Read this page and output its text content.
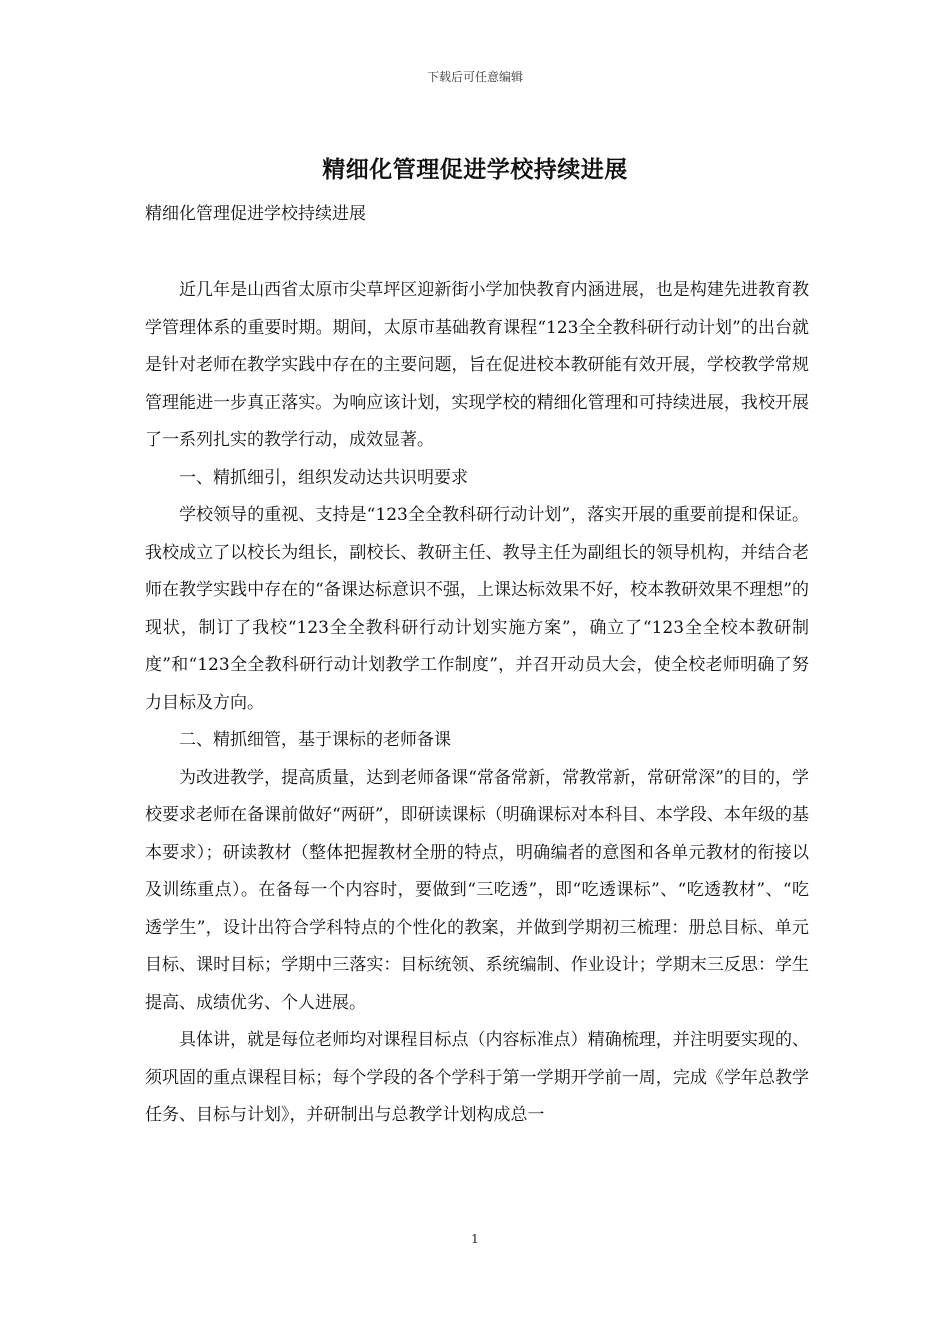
下载后可任意编辑
精细化管理促进学校持续进展
精细化管理促进学校持续进展

近几年是山西省太原市尖草坪区迎新街小学加快教育内涵进展，也是构建先进教育教学管理体系的重要时期。期间，太原市基础教育课程“123全全教科研行动计划”的出台就是针对老师在教学实践中存在的主要问题，旨在促进校本教研能有效开展，学校教学常规管理能进一步真正落实。为响应该计划，实现学校的精细化管理和可持续进展，我校开展了一系列扎实的教学行动，成效显著。

一、精抓细引，组织发动达共识明要求

学校领导的重视、支持是“123全全教科研行动计划”，落实开展的重要前提和保证。我校成立了以校长为组长，副校长、教研主任、教导主任为副组长的领导机构，并结合老师在教学实践中存在的“备课达标意识不强，上课达标效果不好，校本教研效果不理想”的现状，制订了我校“123全全教科研行动计划实施方案”，确立了“123全全校本教研制度”和“123全全教科研行动计划教学工作制度”，并召开动员大会，使全校老师明确了努力目标及方向。

二、精抓细管，基于课标的老师备课

为改进教学，提高质量，达到老师备课“常备常新，常教常新，常研常深”的目的，学校要求老师在备课前做好“两研”，即研读课标（明确课标对本科目、本学段、本年级的基本要求）；研读教材（整体把握教材全册的特点，明确编者的意图和各单元教材的衔接以及训练重点）。在备每一个内容时，要做到“三吃透”，即“吃透课标”、“吃透教材”、“吃透学生”，设计出符合学科特点的个性化的教案，并做到学期初三梳理：册总目标、单元目标、课时目标；学期中三落实：目标统领、系统编制、作业设计；学期末三反思：学生提高、成绩优劣、个人进展。

具体讲，就是每位老师均对课程目标点（内容标准点）精确梳理，并注明要实现的、须巩固的重点课程目标；每个学段的各个学科于第一学期开学前一周，完成《学年总教学任务、目标与计划》，并研制出与总教学计划构成总一

1
